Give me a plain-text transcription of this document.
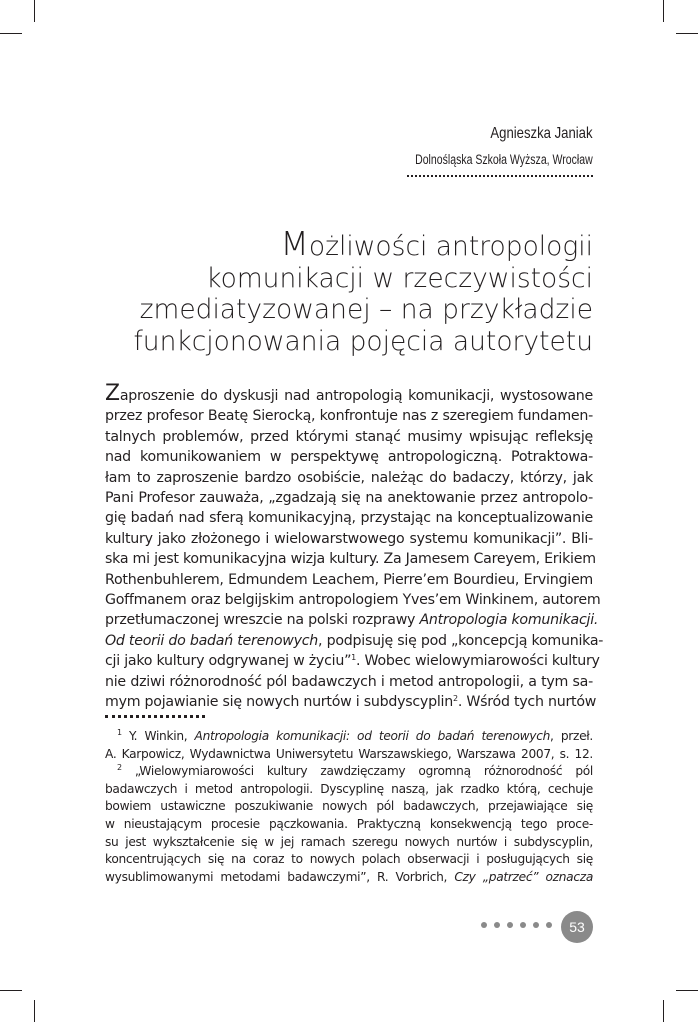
Agnieszka Janiak
Dolnośląska Szkoła Wyższa, Wrocław
Możliwości antropologii
komunikacji w rzeczywistości
zmediatyzowanej – na przykładzie
funkcjonowania pojęcia autorytetu
Zaproszenie do dyskusji nad antropologią komunikacji, wystosowane
przez profesor Beatę Sierocką, konfrontuje nas z szeregiem fundamen-
talnych problemów, przed którymi stanąć musimy wpisując refleksję
nad komunikowaniem w perspektywę antropologiczną. Potraktowa-
łam to zaproszenie bardzo osobiście, należąc do badaczy, którzy, jak
Pani Profesor zauważa, „zgadzają się na anektowanie przez antropolo-
gię badań nad sferą komunikacyjną, przystając na konceptualizowanie
kultury jako złożonego i wielowarstwowego systemu komunikacji”. Bli-
ska mi jest komunikacyjna wizja kultury. Za Jamesem Careyem, Erikiem
Rothenbuhlerem, Edmundem Leachem, Pierre’em Bourdieu, Ervingiem
Goffmanem oraz belgijskim antropologiem Yves’em Winkinem, autorem
przetłumaczonej wreszcie na polski rozprawy Antropologia komunikacji.
Od teorii do badań terenowych, podpisuję się pod „koncepcją komunika-
cji jako kultury odgrywanej w życiu”$^1$. Wobec wielowymiarowości kultury
nie dziwi różnorodność pól badawczych i metod antropologii, a tym sa-
mym pojawianie się nowych nurtów i subdyscyplin$^2$. Wśród tych nurtów
$^1$ Y. Winkin, Antropologia komunikacji: od teorii do badań terenowych, przeł.
A. Karpowicz, Wydawnictwa Uniwersytetu Warszawskiego, Warszawa 2007, s. 12.
$^2$ „Wielowymiarowości kultury zawdzięczamy ogromną różnorodność pól
badawczych i metod antropologii. Dyscyplinę naszą, jak rzadko którą, cechuje
bowiem ustawiczne poszukiwanie nowych pól badawczych, przejawiające się
w nieustającym procesie pączkowania. Praktyczną konsekwencją tego proce-
su jest wykształcenie się w jej ramach szeregu nowych nurtów i subdyscyplin,
koncentrujących się na coraz to nowych polach obserwacji i posługujących się
wysublimowanymi metodami badawczymi”, R. Vorbrich, Czy „patrzeć” oznacza
53
